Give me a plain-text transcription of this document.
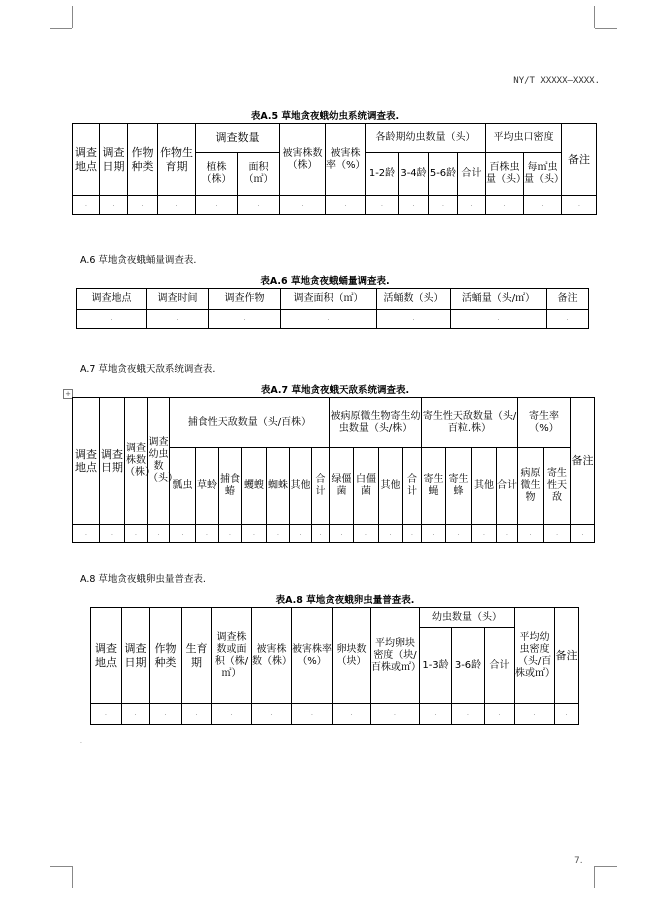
NY/T XXXXX—XXXX.
表A.5 草地贪夜蛾幼虫系统调查表.
调查地点	调查日期	作物种类	作物生育期	调查数量		被害株数（株）	被害株率（%）	各龄期幼虫数量（头）				平均虫口密度		备注
				植株（株）	面积（㎡）			1-2龄	3-4龄	5-6龄	合计	百株虫量（头）	每㎡虫量（头）	
.	.	.	.	.	.	.	.	.	.	.	.	.	.	.
A.6 草地贪夜蛾蛹量调查表.
表A.6 草地贪夜蛾蛹量调查表.
调查地点	调查时间	调查作物	调查面积（㎡）	活蛹数（头）	活蛹量（头/㎡）	备注
.	.	.	.	.	.	.
A.7 草地贪夜蛾天敌系统调查表.
+	表A.7 草地贪夜蛾天敌系统调查表.
调查地点	调查日期	调查株数（株）	调查幼虫数（头）	捕食性天敌数量（头/百株）							被病原微生物寄生幼虫数量（头/株）				寄生性天敌数量（头/百粒.株）				寄生率（%）		备注
				瓢虫	草蛉	捕食蝽	蠼螋	蜘蛛	其他	合计	绿僵菌	白僵菌	其他	合计	寄生蝇	寄生蜂	其他	合计	病原微生物	寄生性天敌	
.	.	.	.	.	.	.	.	.	.	.	.	.	.	.	.	.	.	.	.	.	.
A.8 草地贪夜蛾卵虫量普查表.
表A.8 草地贪夜蛾卵虫量普查表.
调查地点	调查日期	作物种类	生育期	调查株数或面积（株/㎡）	被害株数（株）	被害株率（%）	卵块数（块）	平均卵块密度（块/百株或㎡）	幼虫数量（头）			平均幼虫密度（头/百株或㎡）	备注
									1-3龄	3-6龄	合计		
.	.	.	.	.	.	.	.	.	.	.	.	.	.
.
7.
